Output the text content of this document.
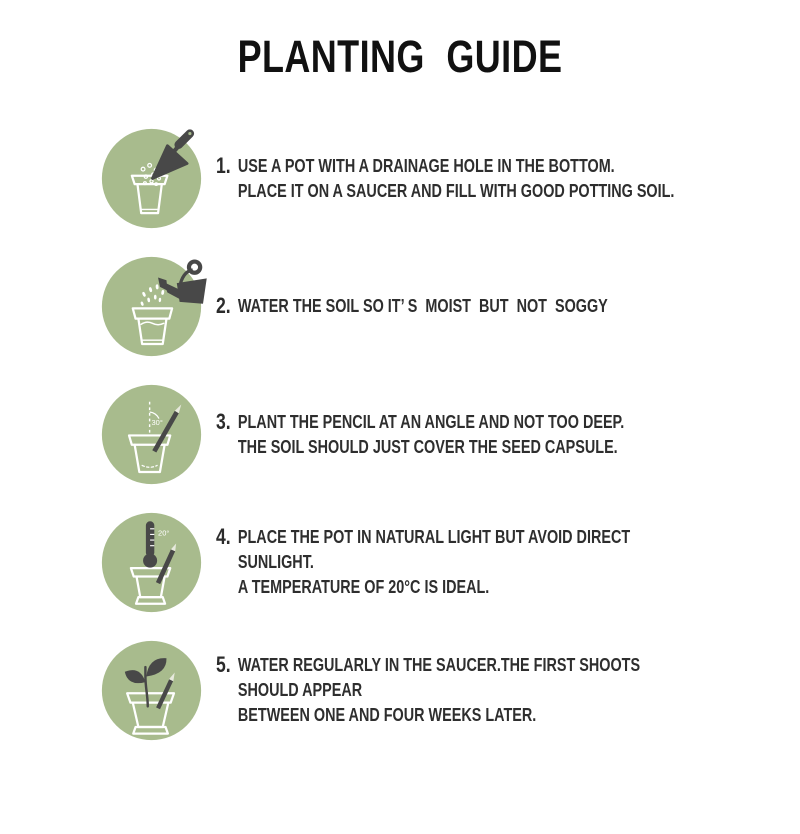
PLANTING GUIDE
1. USE A POT WITH A DRAINAGE HOLE IN THE BOTTOM.
PLACE IT ON A SAUCER AND FILL WITH GOOD POTTING SOIL.
2. WATER THE SOIL SO IT’ S  MOIST  BUT  NOT  SOGGY
30° 3. PLANT THE PENCIL AT AN ANGLE AND NOT TOO DEEP.
THE SOIL SHOULD JUST COVER THE SEED CAPSULE.
20° 4. PLACE THE POT IN NATURAL LIGHT BUT AVOID DIRECT SUNLIGHT.
A TEMPERATURE OF 20°C IS IDEAL.
5. WATER REGULARLY IN THE SAUCER.THE FIRST SHOOTS SHOULD APPEAR
BETWEEN ONE AND FOUR WEEKS LATER.
